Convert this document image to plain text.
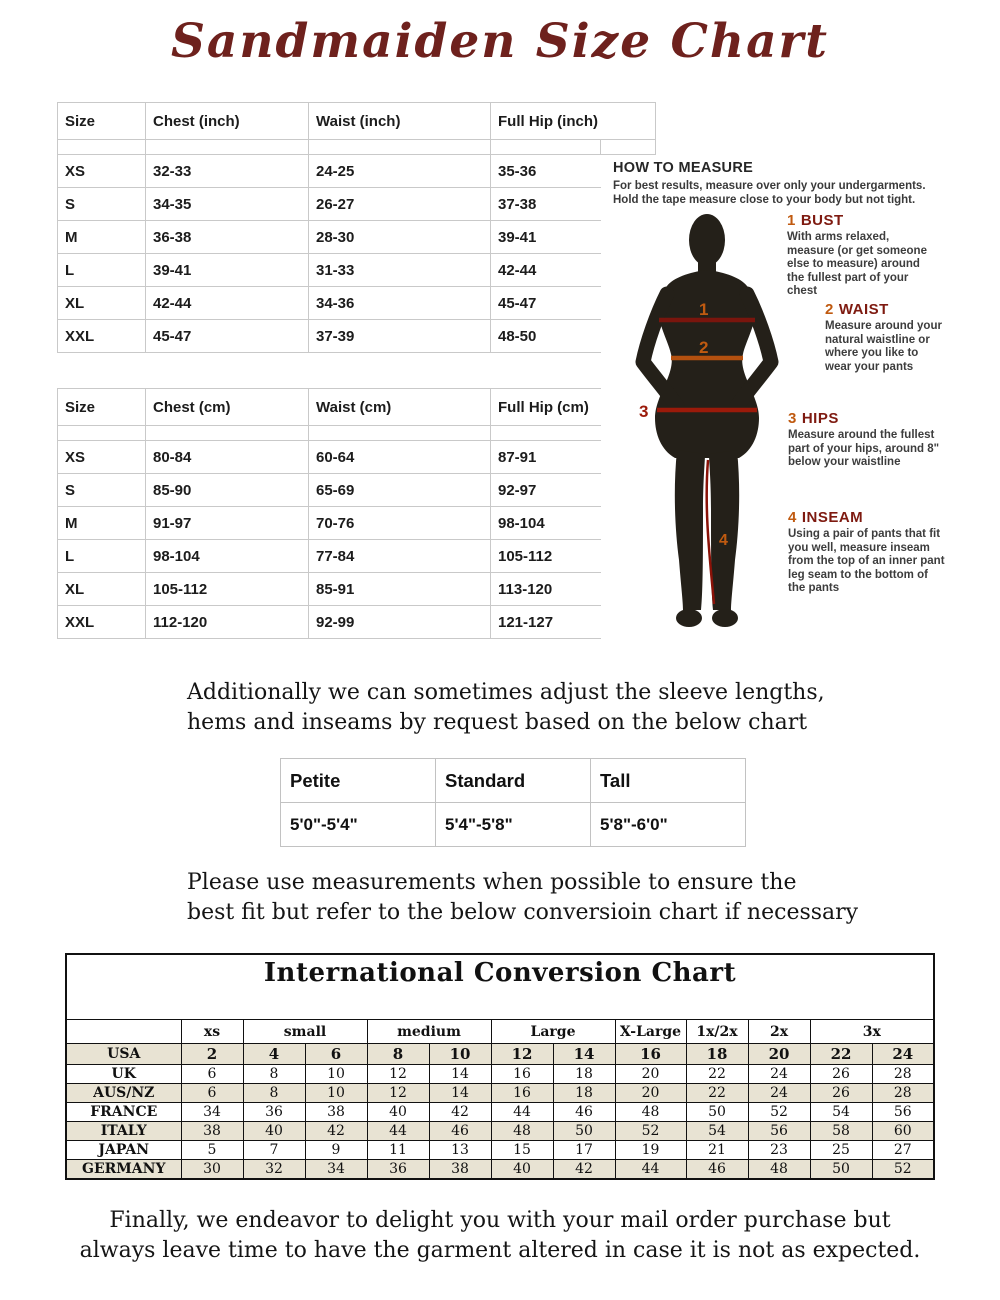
Sandmaiden Size Chart
Size	Chest (inch)	Waist (inch)	Full Hip (inch)	

XS	32-33	24-25	35-36	
S	34-35	26-27	37-38	
M	36-38	28-30	39-41	
L	39-41	31-33	42-44	
XL	42-44	34-36	45-47	
XXL	45-47	37-39	48-50	
Size	Chest (cm)	Waist (cm)	Full Hip (cm)

XS	80-84	60-64	87-91
S	85-90	65-69	92-97
M	91-97	70-76	98-104
L	98-104	77-84	105-112
XL	105-112	85-91	113-120
XXL	112-120	92-99	121-127
HOW TO MEASURE
For best results, measure over only your undergarments.
Hold the tape measure close to your body but not tight.
1
2
3
4
1 BUST
With arms relaxed, measure (or get someone else to measure) around the fullest part of your chest
2 WAIST
Measure around your natural waistline or where you like to wear your pants
3 HIPS
Measure around the fullest part of your hips, around 8" below your waistline
4 INSEAM
Using a pair of pants that fit you well, measure inseam from the top of an inner pant leg seam to the bottom of the pants
Additionally we can sometimes adjust the sleeve lengths,
hems and inseams by request based on the below chart
Petite	Standard	Tall
5'0"-5'4"	5'4"-5'8"	5'8"-6'0"
Please use measurements when possible to ensure the
best fit but refer to the below conversioin chart if necessary
International Conversion Chart												
	xs	small		medium		Large		X-Large	1x/2x	2x	3x	
USA	2	4	6	8	10	12	14	16	18	20	22	24
UK	6	8	10	12	14	16	18	20	22	24	26	28
AUS/NZ	6	8	10	12	14	16	18	20	22	24	26	28
FRANCE	34	36	38	40	42	44	46	48	50	52	54	56
ITALY	38	40	42	44	46	48	50	52	54	56	58	60
JAPAN	5	7	9	11	13	15	17	19	21	23	25	27
GERMANY	30	32	34	36	38	40	42	44	46	48	50	52
Finally, we endeavor to delight you with your mail order purchase but
always leave time to have the garment altered in case it is not as expected.
